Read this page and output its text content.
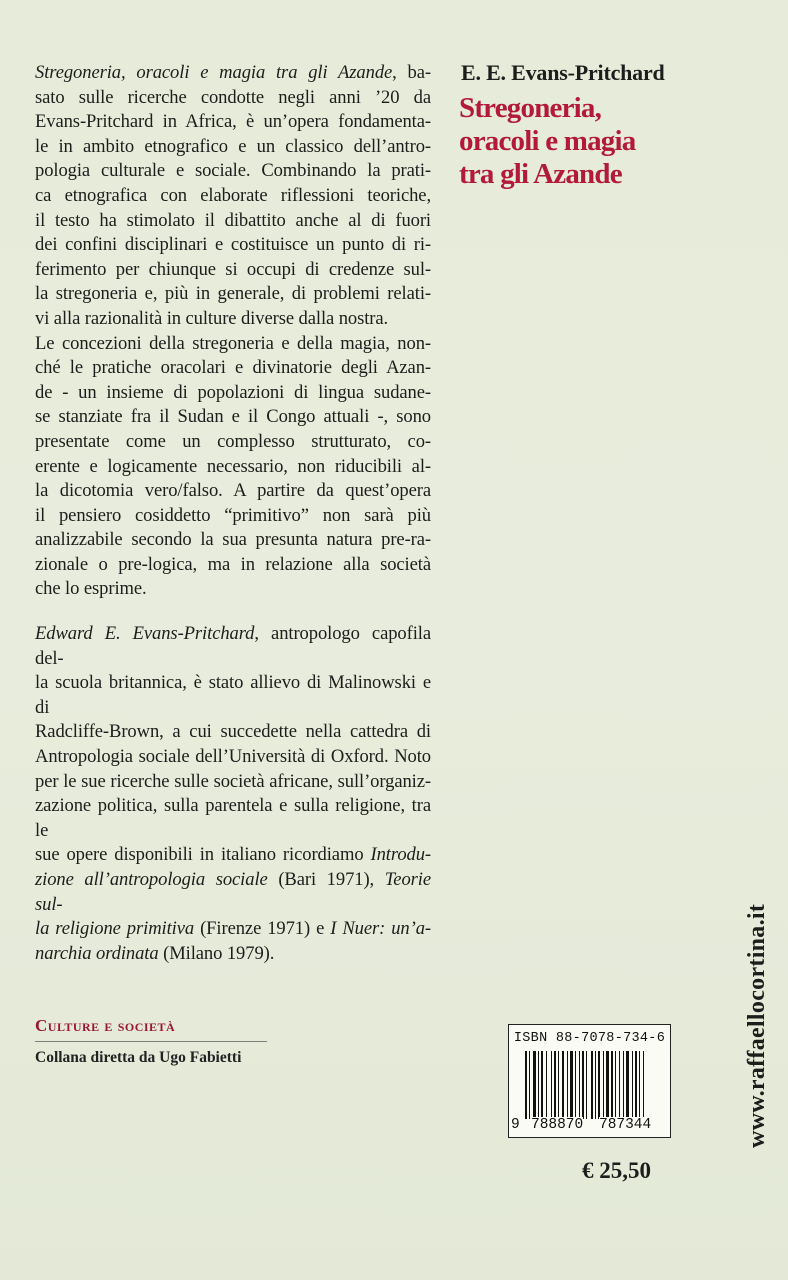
Stregoneria, oracoli e magia tra gli Azande, ba-

sato sulle ricerche condotte negli anni ’20 da

Evans-Pritchard in Africa, è un’opera fondamenta-

le in ambito etnografico e un classico dell’antro-

pologia culturale e sociale. Combinando la prati-

ca etnografica con elaborate riflessioni teoriche,

il testo ha stimolato il dibattito anche al di fuori

dei confini disciplinari e costituisce un punto di ri-

ferimento per chiunque si occupi di credenze sul-

la stregoneria e, più in generale, di problemi relati-

vi alla razionalità in culture diverse dalla nostra.

Le concezioni della stregoneria e della magia, non-

ché le pratiche oracolari e divinatorie degli Azan-

de - un insieme di popolazioni di lingua sudane-

se stanziate fra il Sudan e il Congo attuali -, sono

presentate come un complesso strutturato, co-

erente e logicamente necessario, non riducibili al-

la dicotomia vero/falso. A partire da quest’opera

il pensiero cosiddetto “primitivo” non sarà più

analizzabile secondo la sua presunta natura pre-ra-

zionale o pre-logica, ma in relazione alla società

che lo esprime.

Edward E. Evans-Pritchard, antropologo capofila del-

la scuola britannica, è stato allievo di Malinowski e di

Radcliffe-Brown, a cui succedette nella cattedra di

Antropologia sociale dell’Università di Oxford. Noto

per le sue ricerche sulle società africane, sull’organiz-

zazione politica, sulla parentela e sulla religione, tra le

sue opere disponibili in italiano ricordiamo Introdu-

zione all’antropologia sociale (Bari 1971), Teorie sul-

la religione primitiva (Firenze 1971) e I Nuer: un’a-

narchia ordinata (Milano 1979).

E. E. Evans-Pritchard
Stregoneria,
oracoli e magia
tra gli Azande
Culture e società
Collana diretta da Ugo Fabietti
ISBN 88-7078-734-6
9 788870 787344
€ 25,50
www.raffaellocortina.it
